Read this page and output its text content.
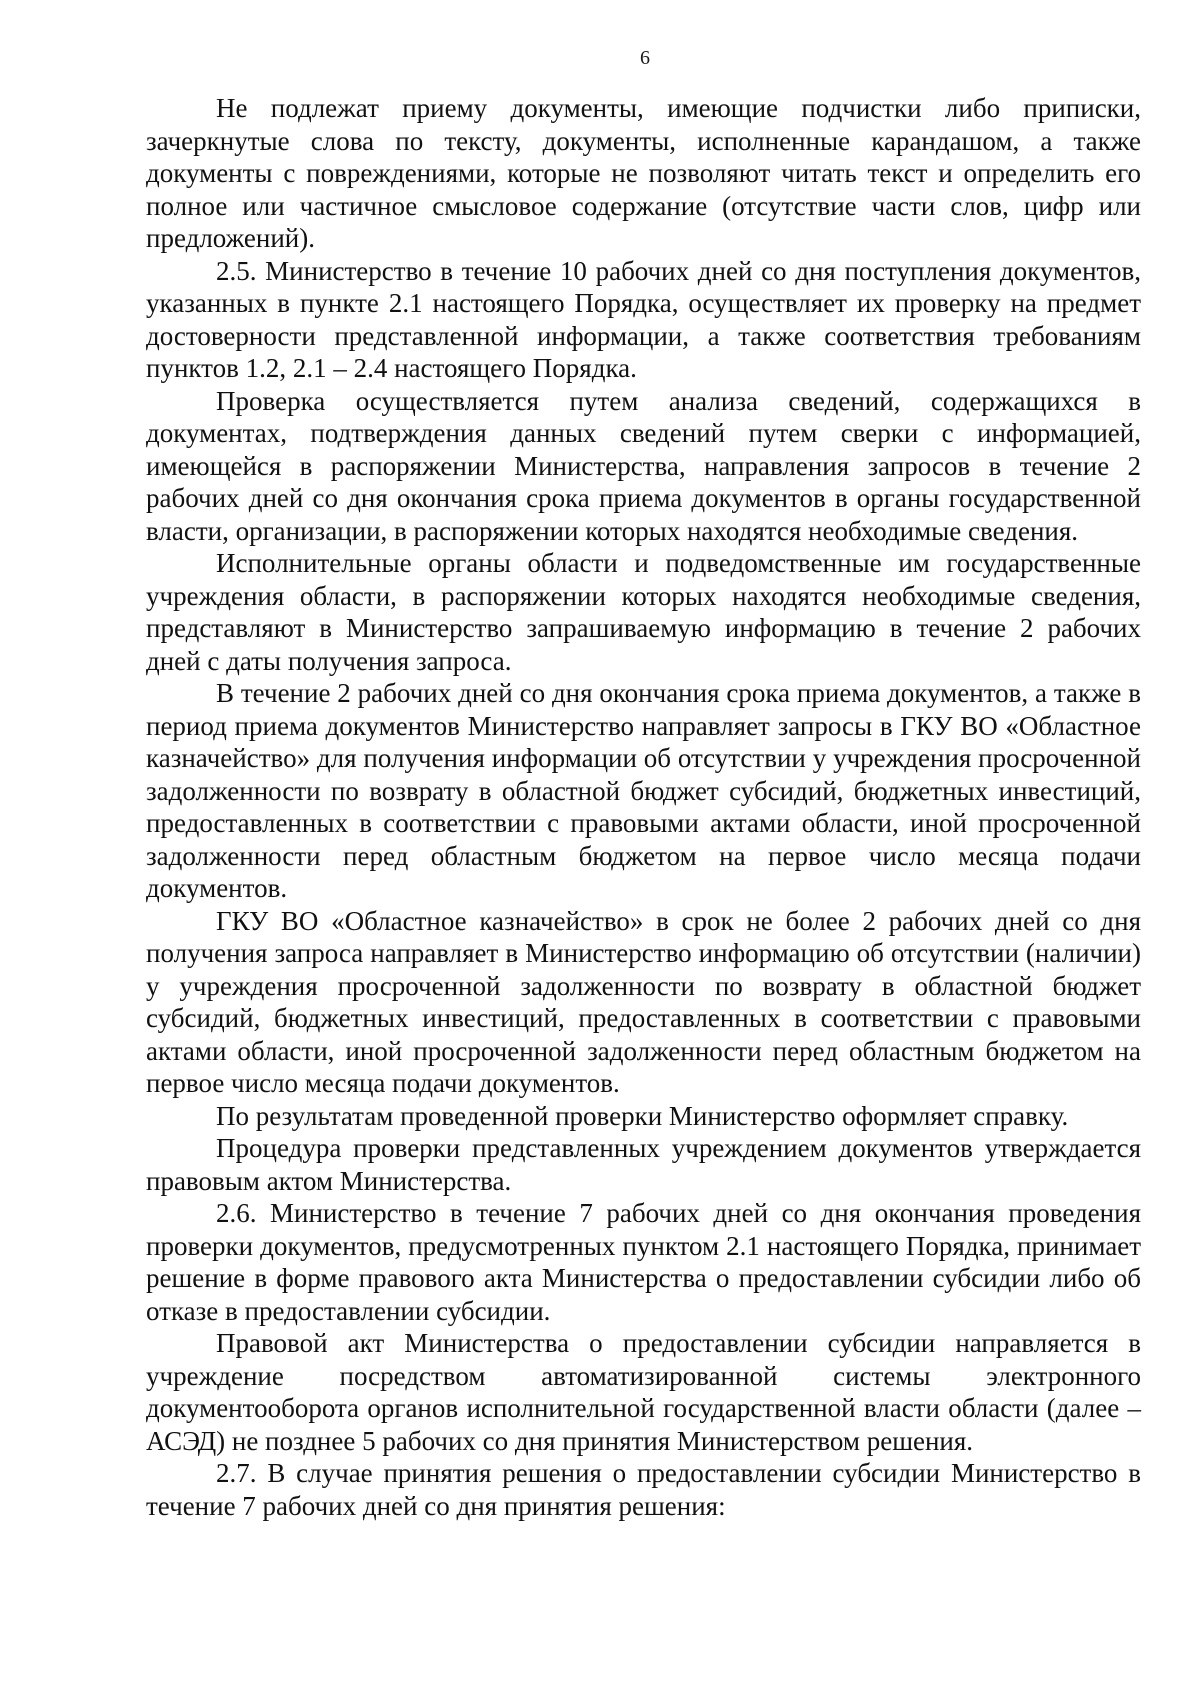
6

Не подлежат приему документы, имеющие подчистки либо приписки, зачеркнутые слова по тексту, документы, исполненные карандашом, а также документы с повреждениями, которые не позволяют читать текст и определить его полное или частичное смысловое содержание (отсутствие части слов, цифр или предложений).

2.5. Министерство в течение 10 рабочих дней со дня поступления документов, указанных в пункте 2.1 настоящего Порядка, осуществляет их проверку на предмет достоверности представленной информации, а также соответствия требованиям пунктов 1.2, 2.1 – 2.4 настоящего Порядка.

Проверка осуществляется путем анализа сведений, содержащихся в документах, подтверждения данных сведений путем сверки с информацией, имеющейся в распоряжении Министерства, направления запросов в течение 2 рабочих дней со дня окончания срока приема документов в органы государственной власти, организации, в распоряжении которых находятся необходимые сведения.

Исполнительные органы области и подведомственные им государственные учреждения области, в распоряжении которых находятся необходимые сведения, представляют в Министерство запрашиваемую информацию в течение 2 рабочих дней с даты получения запроса.

В течение 2 рабочих дней со дня окончания срока приема документов, а также в период приема документов Министерство направляет запросы в ГКУ ВО «Областное казначейство» для получения информации об отсутствии у учреждения просроченной задолженности по возврату в областной бюджет субсидий, бюджетных инвестиций, предоставленных в соответствии с правовыми актами области, иной просроченной задолженности перед областным бюджетом на первое число месяца подачи документов.

ГКУ ВО «Областное казначейство» в срок не более 2 рабочих дней со дня получения запроса направляет в Министерство информацию об отсутствии (наличии) у учреждения просроченной задолженности по возврату в областной бюджет субсидий, бюджетных инвестиций, предоставленных в соответствии с правовыми актами области, иной просроченной задолженности перед областным бюджетом на первое число месяца подачи документов.

По результатам проведенной проверки Министерство оформляет справку.

Процедура проверки представленных учреждением документов утверждается правовым актом Министерства.

2.6. Министерство в течение 7 рабочих дней со дня окончания проведения проверки документов, предусмотренных пунктом 2.1 настоящего Порядка, принимает решение в форме правового акта Министерства о предоставлении субсидии либо об отказе в предоставлении субсидии.

Правовой акт Министерства о предоставлении субсидии направляется в учреждение посредством автоматизированной системы электронного документооборота органов исполнительной государственной власти области (далее – АСЭД) не позднее 5 рабочих со дня принятия Министерством решения.

2.7. В случае принятия решения о предоставлении субсидии Министерство в течение 7 рабочих дней со дня принятия решения:
